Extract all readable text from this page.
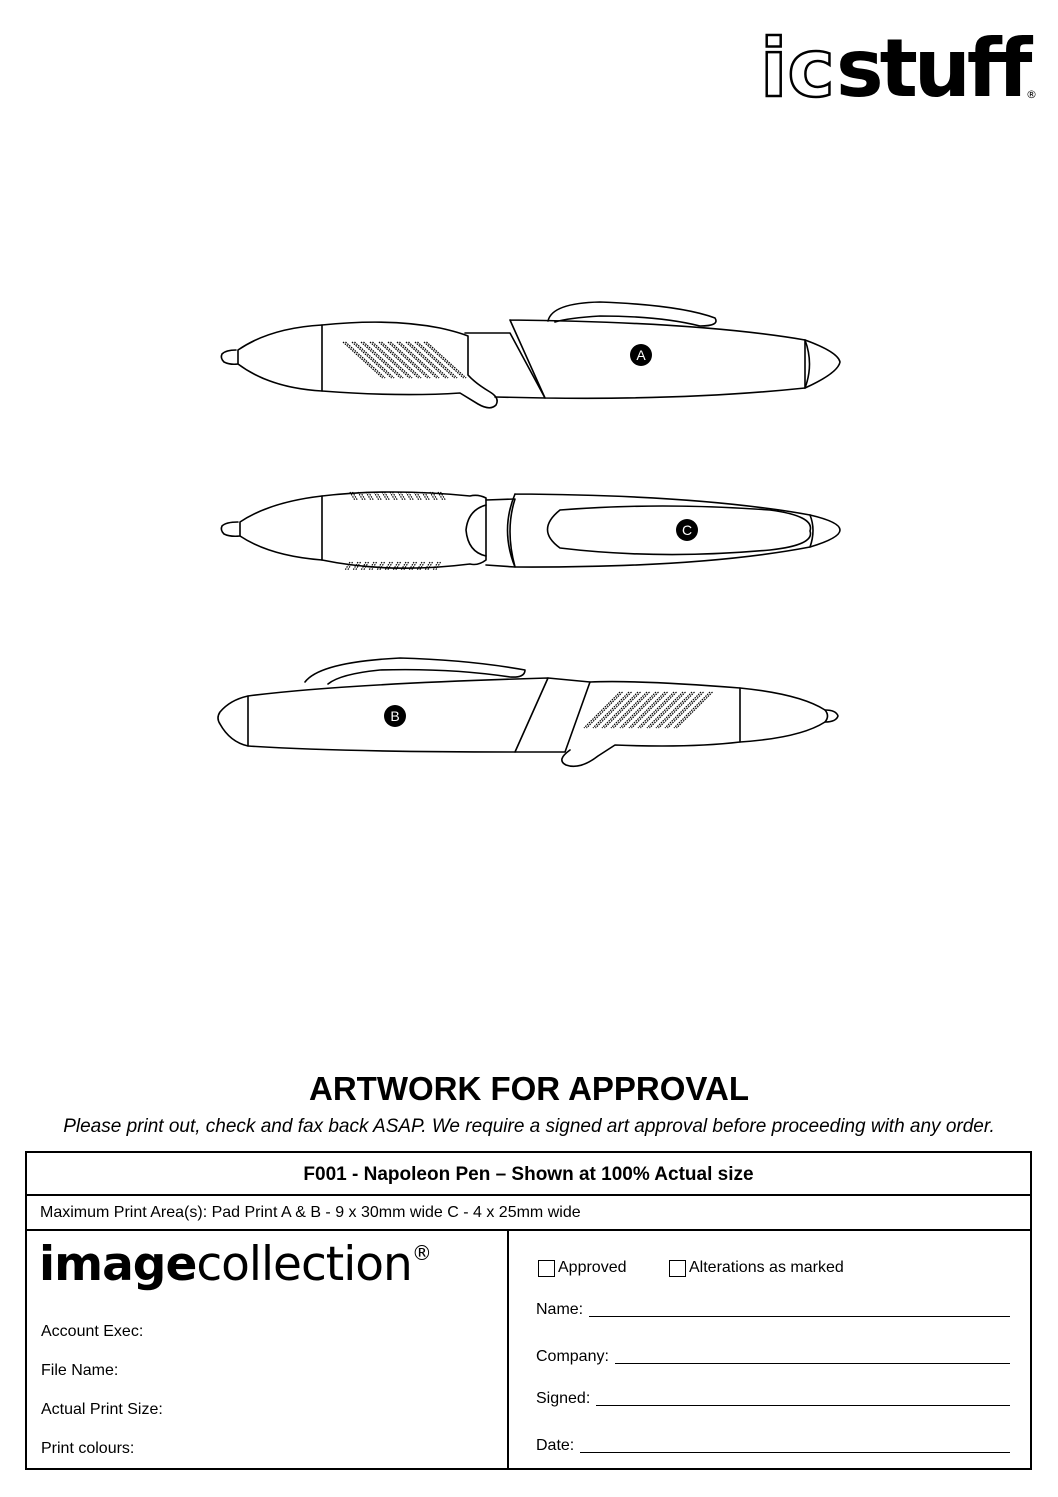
ic stuff
®
A
C
B
ARTWORK FOR APPROVAL
Please print out, check and fax back ASAP. We require a signed art approval before proceeding with any order.
F001 - Napoleon Pen – Shown at 100% Actual size
Maximum Print Area(s): Pad Print A & B - 9 x 30mm wide C - 4 x 25mm wide
imagecollection®
Account Exec:
File Name:
Actual Print Size:
Print colours:
Approved	Alterations as marked
Name:
Company:
Signed:
Date:
